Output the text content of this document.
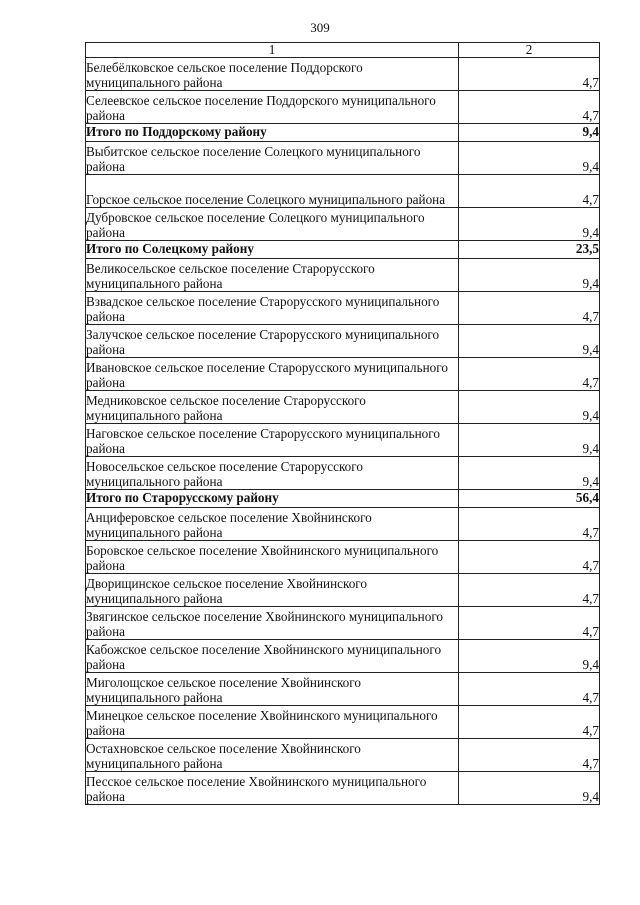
309
1	2
Белебёлковское сельское поселение Поддорского муниципального района	4,7
Селеевское сельское поселение Поддорского муниципального района	4,7
Итого по Поддорскому району	9,4
Выбитское сельское поселение Солецкого муниципального района	9,4
Горское сельское поселение Солецкого муниципального района	4,7
Дубровское сельское поселение Солецкого муниципального района	9,4
Итого по Солецкому району	23,5
Великосельское сельское поселение Старорусского муниципального района	9,4
Взвадское сельское поселение Старорусского муниципального района	4,7
Залучское сельское поселение Старорусского муниципального района	9,4
Ивановское сельское поселение Старорусского муниципального района	4,7
Медниковское сельское поселение Старорусского муниципального района	9,4
Наговское сельское поселение Старорусского муниципального района	9,4
Новосельское сельское поселение Старорусского муниципального района	9,4
Итого по Старорусскому району	56,4
Анциферовское сельское поселение Хвойнинского муниципального района	4,7
Боровское сельское поселение Хвойнинского муниципального района	4,7
Дворищинское сельское поселение Хвойнинского муниципального района	4,7
Звягинское сельское поселение Хвойнинского муниципального района	4,7
Кабожское сельское поселение Хвойнинского муниципального района	9,4
Миголощское сельское поселение Хвойнинского муниципального района	4,7
Минецкое сельское поселение Хвойнинского муниципального района	4,7
Остахновское сельское поселение Хвойнинского муниципального района	4,7
Песское сельское поселение Хвойнинского муниципального района	9,4
